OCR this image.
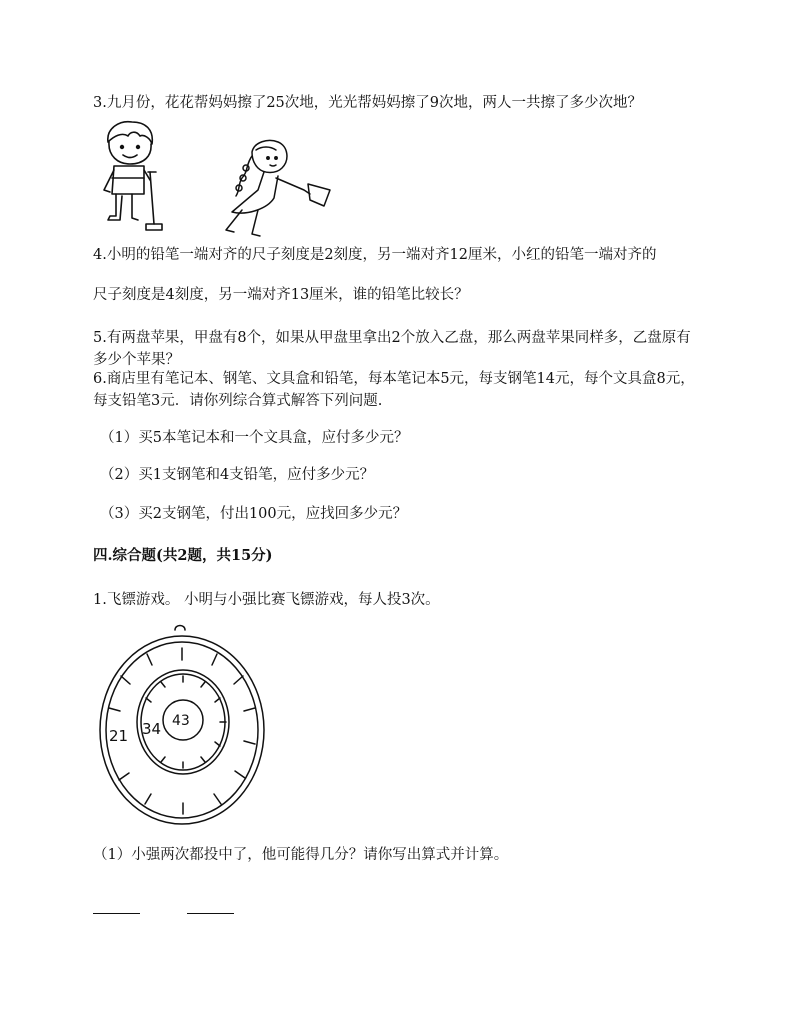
3.九月份，花花帮妈妈擦了25次地，光光帮妈妈擦了9次地，两人一共擦了多少次地？
4.小明的铅笔一端对齐的尺子刻度是2刻度，另一端对齐12厘米，小红的铅笔一端对齐的
尺子刻度是4刻度，另一端对齐13厘米，谁的铅笔比较长？
5.有两盘苹果，甲盘有8个，如果从甲盘里拿出2个放入乙盘，那么两盘苹果同样多，乙盘原有多少个苹果？
6.商店里有笔记本、钢笔、文具盒和铅笔，每本笔记本5元，每支钢笔14元，每个文具盒8元，每支铅笔3元．请你列综合算式解答下列问题.
（1）买5本笔记本和一个文具盒，应付多少元？
（2）买1支钢笔和4支铅笔，应付多少元？
（3）买2支钢笔，付出100元，应找回多少元？
四.综合题(共2题，共15分)
1.飞镖游戏。 小明与小强比赛飞镖游戏，每人投3次。
21 34 43
（1）小强两次都投中了，他可能得几分？请你写出算式并计算。
